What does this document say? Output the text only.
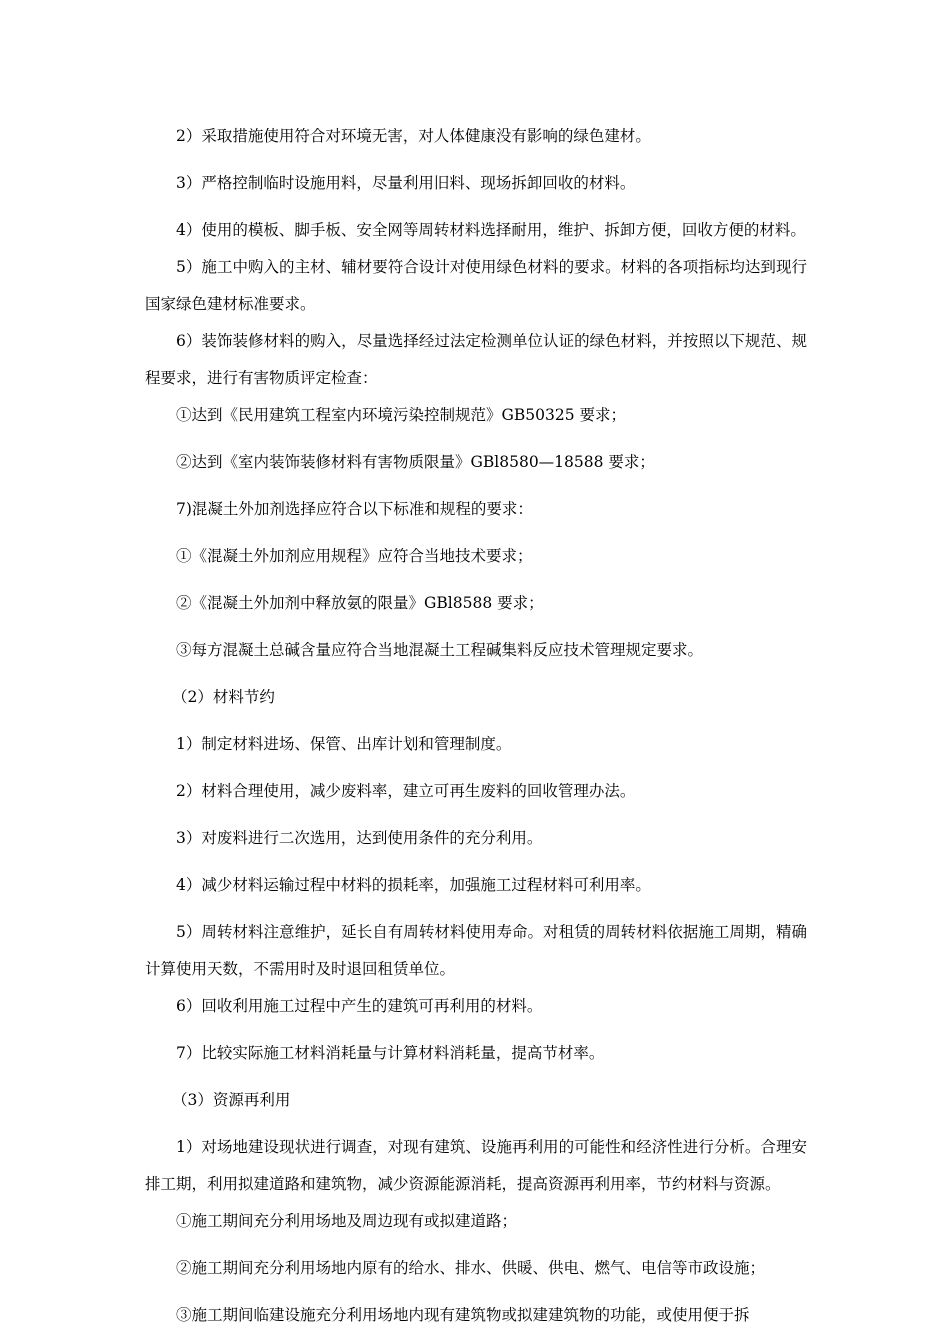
2）采取措施使用符合对环境无害，对人体健康没有影响的绿色建材。

3）严格控制临时设施用料，尽量利用旧料、现场拆卸回收的材料。

4）使用的模板、脚手板、安全网等周转材料选择耐用，维护、拆卸方便，回收方便的材料。

5）施工中购入的主材、辅材要符合设计对使用绿色材料的要求。材料的各项指标均达到现行国家绿色建材标准要求。

6）装饰装修材料的购入，尽量选择经过法定检测单位认证的绿色材料，并按照以下规范、规程要求，进行有害物质评定检查：

①达到《民用建筑工程室内环境污染控制规范》GB50325 要求；

②达到《室内装饰装修材料有害物质限量》GBl8580—18588 要求；

7)混凝土外加剂选择应符合以下标准和规程的要求：

①《混凝土外加剂应用规程》应符合当地技术要求；

②《混凝土外加剂中释放氨的限量》GBl8588 要求；

③每方混凝土总碱含量应符合当地混凝土工程碱集料反应技术管理规定要求。

（2）材料节约

1）制定材料进场、保管、出库计划和管理制度。

2）材料合理使用，减少废料率，建立可再生废料的回收管理办法。

3）对废料进行二次选用，达到使用条件的充分利用。

4）减少材料运输过程中材料的损耗率，加强施工过程材料可利用率。

5）周转材料注意维护，延长自有周转材料使用寿命。对租赁的周转材料依据施工周期，精确计算使用天数，不需用时及时退回租赁单位。

6）回收利用施工过程中产生的建筑可再利用的材料。

7）比较实际施工材料消耗量与计算材料消耗量，提高节材率。

（3）资源再利用

1）对场地建设现状进行调查，对现有建筑、设施再利用的可能性和经济性进行分析。合理安排工期，利用拟建道路和建筑物，减少资源能源消耗，提高资源再利用率，节约材料与资源。

①施工期间充分利用场地及周边现有或拟建道路；

②施工期间充分利用场地内原有的给水、排水、供暖、供电、燃气、电信等市政设施；

③施工期间临建设施充分利用场地内现有建筑物或拟建建筑物的功能，或使用便于拆
